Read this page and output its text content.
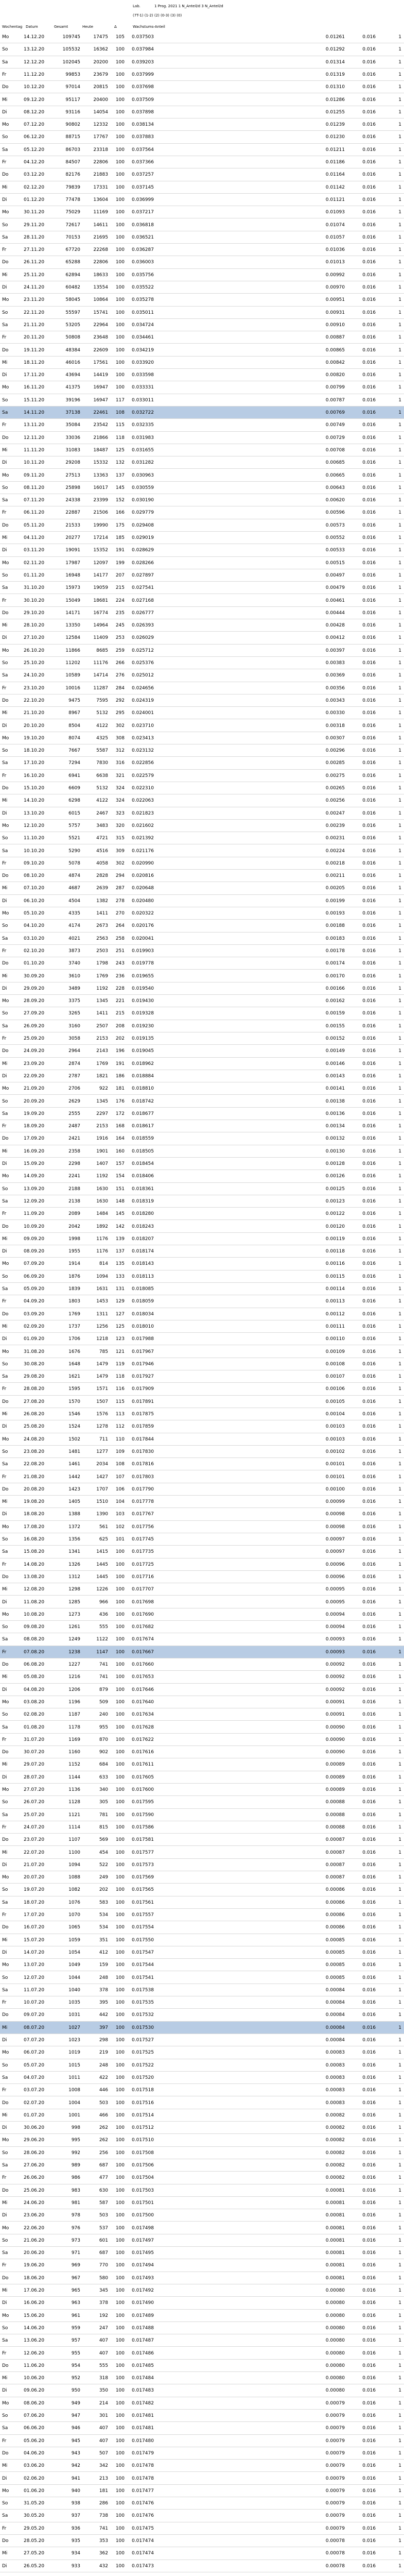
Wochentag Datum	Gesamt	Heute	Δ
Lab.	1 Prog. 2021 1 N_Anteil/d 3 N_Anteil/d
(7T-1) (1-2) (2) (0-3) (3) (0)
Wachstums-Anteil
Mo	14.12.20	109745	17475	105 0.037503	0.01261	0.016	1
So	13.12.20	105532	16362	100 0.037984	0.01292	0.016	1
Sa	12.12.20	102045	20200	100 0.039203	0.01314	0.016	1
Fr	11.12.20	99853	23679	100 0.037999	0.01319	0.016	1
Do	10.12.20	97014	20815	100 0.037698	0.01310	0.016	1
Mi	09.12.20	95117	20400	100 0.037509	0.01286	0.016	1
Di	08.12.20	93116	14054	100 0.037898	0.01255	0.016	1
Mo	07.12.20	90802	12332	100 0.038134	0.01239	0.016	1
So	06.12.20	88715	17767	100 0.037883	0.01230	0.016	1
Sa	05.12.20	86703	23318	100 0.037564	0.01211	0.016	1
Fr	04.12.20	84507	22806	100 0.037366	0.01186	0.016	1
Do	03.12.20	82176	21883	100 0.037257	0.01164	0.016	1
Mi	02.12.20	79839	17331	100 0.037145	0.01142	0.016	1
Di	01.12.20	77478	13604	100 0.036999	0.01121	0.016	1
Mo	30.11.20	75029	11169	100 0.037217	0.01093	0.016	1
So	29.11.20	72617	14611	100 0.036818	0.01074	0.016	1
Sa	28.11.20	70153	21695	100 0.036521	0.01057	0.016	1
Fr	27.11.20	67720	22268	100 0.036287	0.01036	0.016	1
Do	26.11.20	65288	22806	100 0.036003	0.01013	0.016	1
Mi	25.11.20	62894	18633	100 0.035756	0.00992	0.016	1
Di	24.11.20	60482	13554	100 0.035522	0.00970	0.016	1
Mo	23.11.20	58045	10864	100 0.035278	0.00951	0.016	1
So	22.11.20	55597	15741	100 0.035011	0.00931	0.016	1
Sa	21.11.20	53205	22964	100 0.034724	0.00910	0.016	1
Fr	20.11.20	50808	23648	100 0.034461	0.00887	0.016	1
Do	19.11.20	48384	22609	100 0.034219	0.00865	0.016	1
Mi	18.11.20	46016	17561	100 0.033920	0.00842	0.016	1
Di	17.11.20	43694	14419	100 0.033598	0.00820	0.016	1
Mo	16.11.20	41375	16947	100 0.033331	0.00799	0.016	1
So	15.11.20	39196	16947	117 0.033011	0.00787	0.016	1
Sa	14.11.20	37138	22461	108 0.032722	0.00769	0.016	1
Fr	13.11.20	35084	23542	115 0.032335	0.00749	0.016	1
Do	12.11.20	33036	21866	118 0.031983	0.00729	0.016	1
Mi	11.11.20	31083	18487	125 0.031655	0.00708	0.016	1
Di	10.11.20	29208	15332	132 0.031282	0.00685	0.016	1
Mo	09.11.20	27513	13363	137 0.030963	0.00665	0.016	1
So	08.11.20	25898	16017	145 0.030559	0.00643	0.016	1
Sa	07.11.20	24338	23399	152 0.030190	0.00620	0.016	1
Fr	06.11.20	22887	21506	166 0.029779	0.00596	0.016	1
Do	05.11.20	21533	19990	175 0.029408	0.00573	0.016	1
Mi	04.11.20	20277	17214	185 0.029019	0.00552	0.016	1
Di	03.11.20	19091	15352	191 0.028629	0.00533	0.016	1
Mo	02.11.20	17987	12097	199 0.028266	0.00515	0.016	1
So	01.11.20	16948	14177	207 0.027897	0.00497	0.016	1
Sa	31.10.20	15973	19059	215 0.027541	0.00479	0.016	1
Fr	30.10.20	15049	18681	224 0.027168	0.00461	0.016	1
Do	29.10.20	14171	16774	235 0.026777	0.00444	0.016	1
Mi	28.10.20	13350	14964	245 0.026393	0.00428	0.016	1
Di	27.10.20	12584	11409	253 0.026029	0.00412	0.016	1
Mo	26.10.20	11866	8685	259 0.025712	0.00397	0.016	1
So	25.10.20	11202	11176	266 0.025376	0.00383	0.016	1
Sa	24.10.20	10589	14714	276 0.025012	0.00369	0.016	1
Fr	23.10.20	10016	11287	284 0.024656	0.00356	0.016	1
Do	22.10.20	9475	7595	292 0.024319	0.00343	0.016	1
Mi	21.10.20	8967	5132	295 0.024001	0.00330	0.016	1
Di	20.10.20	8504	4122	302 0.023710	0.00318	0.016	1
Mo	19.10.20	8074	4325	308 0.023413	0.00307	0.016	1
So	18.10.20	7667	5587	312 0.023132	0.00296	0.016	1
Sa	17.10.20	7294	7830	316 0.022856	0.00285	0.016	1
Fr	16.10.20	6941	6638	321 0.022579	0.00275	0.016	1
Do	15.10.20	6609	5132	324 0.022310	0.00265	0.016	1
Mi	14.10.20	6298	4122	324 0.022063	0.00256	0.016	1
Di	13.10.20	6015	2467	323 0.021823	0.00247	0.016	1
Mo	12.10.20	5757	3483	320 0.021602	0.00239	0.016	1
So	11.10.20	5521	4721	315 0.021392	0.00231	0.016	1
Sa	10.10.20	5290	4516	309 0.021176	0.00224	0.016	1
Fr	09.10.20	5078	4058	302 0.020990	0.00218	0.016	1
Do	08.10.20	4874	2828	294 0.020816	0.00211	0.016	1
Mi	07.10.20	4687	2639	287 0.020648	0.00205	0.016	1
Di	06.10.20	4504	1382	278 0.020480	0.00199	0.016	1
Mo	05.10.20	4335	1411	270 0.020322	0.00193	0.016	1
So	04.10.20	4174	2673	264 0.020176	0.00188	0.016	1
Sa	03.10.20	4021	2563	258 0.020041	0.00183	0.016	1
Fr	02.10.20	3873	2503	251 0.019903	0.00178	0.016	1
Do	01.10.20	3740	1798	243 0.019778	0.00174	0.016	1
Mi	30.09.20	3610	1769	236 0.019655	0.00170	0.016	1
Di	29.09.20	3489	1192	228 0.019540	0.00166	0.016	1
Mo	28.09.20	3375	1345	221 0.019430	0.00162	0.016	1
So	27.09.20	3265	1411	215 0.019328	0.00159	0.016	1
Sa	26.09.20	3160	2507	208 0.019230	0.00155	0.016	1
Fr	25.09.20	3058	2153	202 0.019135	0.00152	0.016	1
Do	24.09.20	2964	2143	196 0.019045	0.00149	0.016	1
Mi	23.09.20	2874	1769	191 0.018962	0.00146	0.016	1
Di	22.09.20	2787	1821	186 0.018884	0.00143	0.016	1
Mo	21.09.20	2706	922	181 0.018810	0.00141	0.016	1
So	20.09.20	2629	1345	176 0.018742	0.00138	0.016	1
Sa	19.09.20	2555	2297	172 0.018677	0.00136	0.016	1
Fr	18.09.20	2487	2153	168 0.018617	0.00134	0.016	1
Do	17.09.20	2421	1916	164 0.018559	0.00132	0.016	1
Mi	16.09.20	2358	1901	160 0.018505	0.00130	0.016	1
Di	15.09.20	2298	1407	157 0.018454	0.00128	0.016	1
Mo	14.09.20	2241	1192	154 0.018406	0.00126	0.016	1
So	13.09.20	2188	1630	151 0.018361	0.00125	0.016	1
Sa	12.09.20	2138	1630	148 0.018319	0.00123	0.016	1
Fr	11.09.20	2089	1484	145 0.018280	0.00122	0.016	1
Do	10.09.20	2042	1892	142 0.018243	0.00120	0.016	1
Mi	09.09.20	1998	1176	139 0.018207	0.00119	0.016	1
Di	08.09.20	1955	1176	137 0.018174	0.00118	0.016	1
Mo	07.09.20	1914	814	135 0.018143	0.00116	0.016	1
So	06.09.20	1876	1094	133 0.018113	0.00115	0.016	1
Sa	05.09.20	1839	1631	131 0.018085	0.00114	0.016	1
Fr	04.09.20	1803	1453	129 0.018059	0.00113	0.016	1
Do	03.09.20	1769	1311	127 0.018034	0.00112	0.016	1
Mi	02.09.20	1737	1256	125 0.018010	0.00111	0.016	1
Di	01.09.20	1706	1218	123 0.017988	0.00110	0.016	1
Mo	31.08.20	1676	785	121 0.017967	0.00109	0.016	1
So	30.08.20	1648	1479	119 0.017946	0.00108	0.016	1
Sa	29.08.20	1621	1479	118 0.017927	0.00107	0.016	1
Fr	28.08.20	1595	1571	116 0.017909	0.00106	0.016	1
Do	27.08.20	1570	1507	115 0.017891	0.00105	0.016	1
Mi	26.08.20	1546	1576	113 0.017875	0.00104	0.016	1
Di	25.08.20	1524	1278	112 0.017859	0.00103	0.016	1
Mo	24.08.20	1502	711	110 0.017844	0.00103	0.016	1
So	23.08.20	1481	1277	109 0.017830	0.00102	0.016	1
Sa	22.08.20	1461	2034	108 0.017816	0.00101	0.016	1
Fr	21.08.20	1442	1427	107 0.017803	0.00101	0.016	1
Do	20.08.20	1423	1707	106 0.017790	0.00100	0.016	1
Mi	19.08.20	1405	1510	104 0.017778	0.00099	0.016	1
Di	18.08.20	1388	1390	103 0.017767	0.00098	0.016	1
Mo	17.08.20	1372	561	102 0.017756	0.00098	0.016	1
So	16.08.20	1356	625	101 0.017745	0.00097	0.016	1
Sa	15.08.20	1341	1415	100 0.017735	0.00097	0.016	1
Fr	14.08.20	1326	1445	100 0.017725	0.00096	0.016	1
Do	13.08.20	1312	1445	100 0.017716	0.00096	0.016	1
Mi	12.08.20	1298	1226	100 0.017707	0.00095	0.016	1
Di	11.08.20	1285	966	100 0.017698	0.00095	0.016	1
Mo	10.08.20	1273	436	100 0.017690	0.00094	0.016	1
So	09.08.20	1261	555	100 0.017682	0.00094	0.016	1
Sa	08.08.20	1249	1122	100 0.017674	0.00093	0.016	1
Fr	07.08.20	1238	1147	100 0.017667	0.00093	0.016	1
Do	06.08.20	1227	741	100 0.017660	0.00092	0.016	1
Mi	05.08.20	1216	741	100 0.017653	0.00092	0.016	1
Di	04.08.20	1206	879	100 0.017646	0.00092	0.016	1
Mo	03.08.20	1196	509	100 0.017640	0.00091	0.016	1
So	02.08.20	1187	240	100 0.017634	0.00091	0.016	1
Sa	01.08.20	1178	955	100 0.017628	0.00090	0.016	1
Fr	31.07.20	1169	870	100 0.017622	0.00090	0.016	1
Do	30.07.20	1160	902	100 0.017616	0.00090	0.016	1
Mi	29.07.20	1152	684	100 0.017611	0.00089	0.016	1
Di	28.07.20	1144	633	100 0.017605	0.00089	0.016	1
Mo	27.07.20	1136	340	100 0.017600	0.00089	0.016	1
So	26.07.20	1128	305	100 0.017595	0.00088	0.016	1
Sa	25.07.20	1121	781	100 0.017590	0.00088	0.016	1
Fr	24.07.20	1114	815	100 0.017586	0.00088	0.016	1
Do	23.07.20	1107	569	100 0.017581	0.00087	0.016	1
Mi	22.07.20	1100	454	100 0.017577	0.00087	0.016	1
Di	21.07.20	1094	522	100 0.017573	0.00087	0.016	1
Mo	20.07.20	1088	249	100 0.017569	0.00087	0.016	1
So	19.07.20	1082	202	100 0.017565	0.00086	0.016	1
Sa	18.07.20	1076	583	100 0.017561	0.00086	0.016	1
Fr	17.07.20	1070	534	100 0.017557	0.00086	0.016	1
Do	16.07.20	1065	534	100 0.017554	0.00086	0.016	1
Mi	15.07.20	1059	351	100 0.017550	0.00085	0.016	1
Di	14.07.20	1054	412	100 0.017547	0.00085	0.016	1
Mo	13.07.20	1049	159	100 0.017544	0.00085	0.016	1
So	12.07.20	1044	248	100 0.017541	0.00085	0.016	1
Sa	11.07.20	1040	378	100 0.017538	0.00084	0.016	1
Fr	10.07.20	1035	395	100 0.017535	0.00084	0.016	1
Do	09.07.20	1031	442	100 0.017532	0.00084	0.016	1
Mi	08.07.20	1027	397	100 0.017530	0.00084	0.016	1
Di	07.07.20	1023	298	100 0.017527	0.00084	0.016	1
Mo	06.07.20	1019	219	100 0.017525	0.00083	0.016	1
So	05.07.20	1015	248	100 0.017522	0.00083	0.016	1
Sa	04.07.20	1011	422	100 0.017520	0.00083	0.016	1
Fr	03.07.20	1008	446	100 0.017518	0.00083	0.016	1
Do	02.07.20	1004	503	100 0.017516	0.00083	0.016	1
Mi	01.07.20	1001	466	100 0.017514	0.00082	0.016	1
Di	30.06.20	998	262	100 0.017512	0.00082	0.016	1
Mo	29.06.20	995	262	100 0.017510	0.00082	0.016	1
So	28.06.20	992	256	100 0.017508	0.00082	0.016	1
Sa	27.06.20	989	687	100 0.017506	0.00082	0.016	1
Fr	26.06.20	986	477	100 0.017504	0.00082	0.016	1
Do	25.06.20	983	630	100 0.017503	0.00081	0.016	1
Mi	24.06.20	981	587	100 0.017501	0.00081	0.016	1
Di	23.06.20	978	503	100 0.017500	0.00081	0.016	1
Mo	22.06.20	976	537	100 0.017498	0.00081	0.016	1
So	21.06.20	973	601	100 0.017497	0.00081	0.016	1
Sa	20.06.20	971	687	100 0.017495	0.00081	0.016	1
Fr	19.06.20	969	770	100 0.017494	0.00081	0.016	1
Do	18.06.20	967	580	100 0.017493	0.00081	0.016	1
Mi	17.06.20	965	345	100 0.017492	0.00080	0.016	1
Di	16.06.20	963	378	100 0.017490	0.00080	0.016	1
Mo	15.06.20	961	192	100 0.017489	0.00080	0.016	1
So	14.06.20	959	247	100 0.017488	0.00080	0.016	1
Sa	13.06.20	957	407	100 0.017487	0.00080	0.016	1
Fr	12.06.20	955	407	100 0.017486	0.00080	0.016	1
Do	11.06.20	954	555	100 0.017485	0.00080	0.016	1
Mi	10.06.20	952	318	100 0.017484	0.00080	0.016	1
Di	09.06.20	950	350	100 0.017483	0.00080	0.016	1
Mo	08.06.20	949	214	100 0.017482	0.00079	0.016	1
So	07.06.20	947	301	100 0.017481	0.00079	0.016	1
Sa	06.06.20	946	407	100 0.017481	0.00079	0.016	1
Fr	05.06.20	945	407	100 0.017480	0.00079	0.016	1
Do	04.06.20	943	507	100 0.017479	0.00079	0.016	1
Mi	03.06.20	942	342	100 0.017478	0.00079	0.016	1
Di	02.06.20	941	213	100 0.017478	0.00079	0.016	1
Mo	01.06.20	940	181	100 0.017477	0.00079	0.016	1
So	31.05.20	938	286	100 0.017476	0.00079	0.016	1
Sa	30.05.20	937	738	100 0.017476	0.00079	0.016	1
Fr	29.05.20	936	741	100 0.017475	0.00079	0.016	1
Do	28.05.20	935	353	100 0.017474	0.00078	0.016	1
Mi	27.05.20	934	362	100 0.017474	0.00078	0.016	1
Di	26.05.20	933	432	100 0.017473	0.00078	0.016	1
